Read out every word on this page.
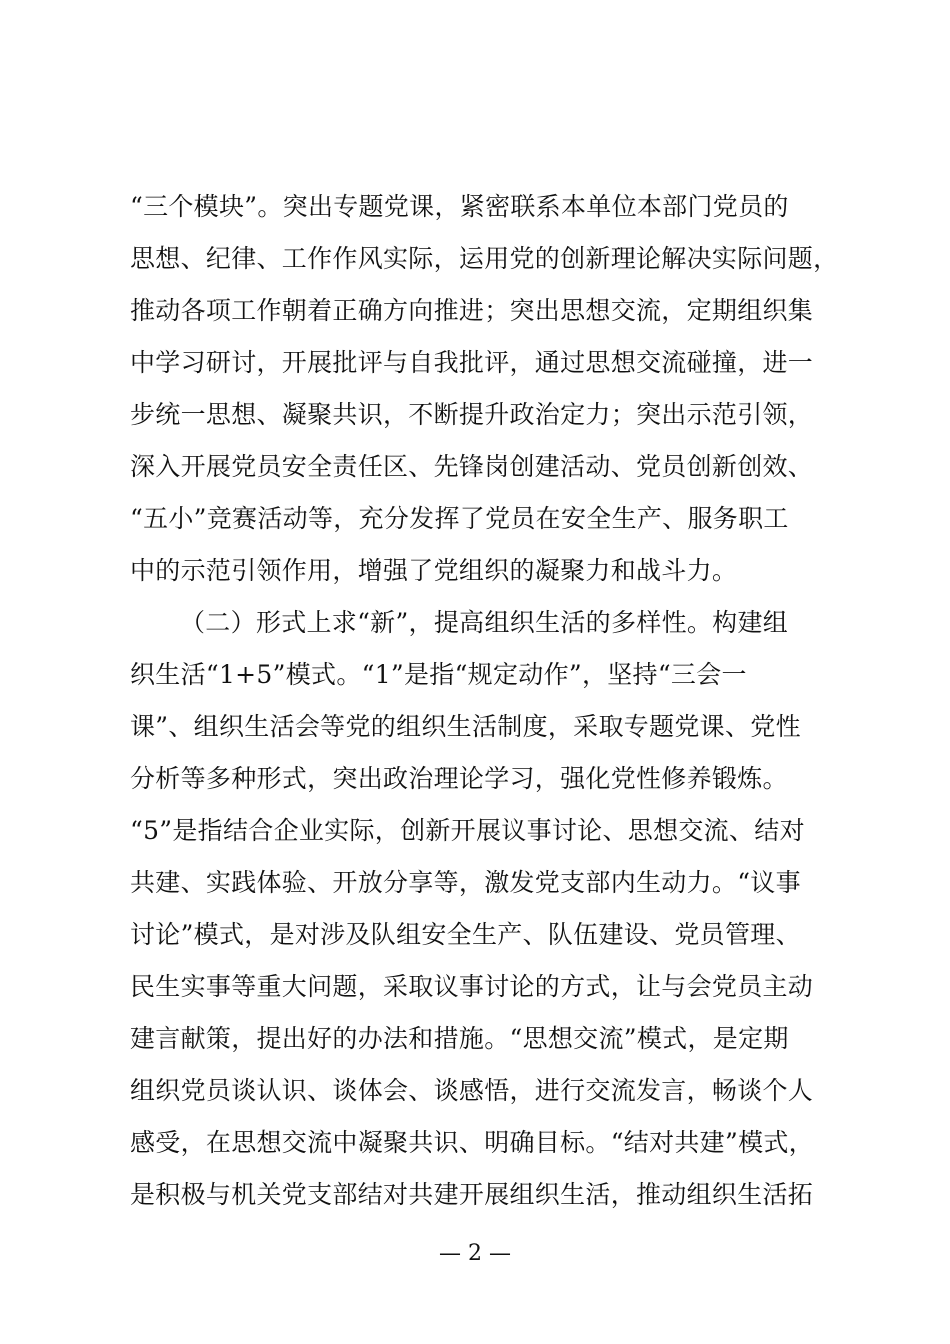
“三个模块”。突出专题党课，紧密联系本单位本部门党员的
思想、纪律、工作作风实际，运用党的创新理论解决实际问题，
推动各项工作朝着正确方向推进；突出思想交流，定期组织集
中学习研讨，开展批评与自我批评，通过思想交流碰撞，进一
步统一思想、凝聚共识，不断提升政治定力；突出示范引领，
深入开展党员安全责任区、先锋岗创建活动、党员创新创效、
“五小”竞赛活动等，充分发挥了党员在安全生产、服务职工
中的示范引领作用，增强了党组织的凝聚力和战斗力。
（二）形式上求“新”，提高组织生活的多样性。构建组
织生活“1+5”模式。“1”是指“规定动作”，坚持“三会一
课”、组织生活会等党的组织生活制度，采取专题党课、党性
分析等多种形式，突出政治理论学习，强化党性修养锻炼。
“5”是指结合企业实际，创新开展议事讨论、思想交流、结对
共建、实践体验、开放分享等，激发党支部内生动力。“议事
讨论”模式，是对涉及队组安全生产、队伍建设、党员管理、
民生实事等重大问题，采取议事讨论的方式，让与会党员主动
建言献策，提出好的办法和措施。“思想交流”模式，是定期
组织党员谈认识、谈体会、谈感悟，进行交流发言，畅谈个人
感受，在思想交流中凝聚共识、明确目标。“结对共建”模式，
是积极与机关党支部结对共建开展组织生活，推动组织生活拓
— 2 —
